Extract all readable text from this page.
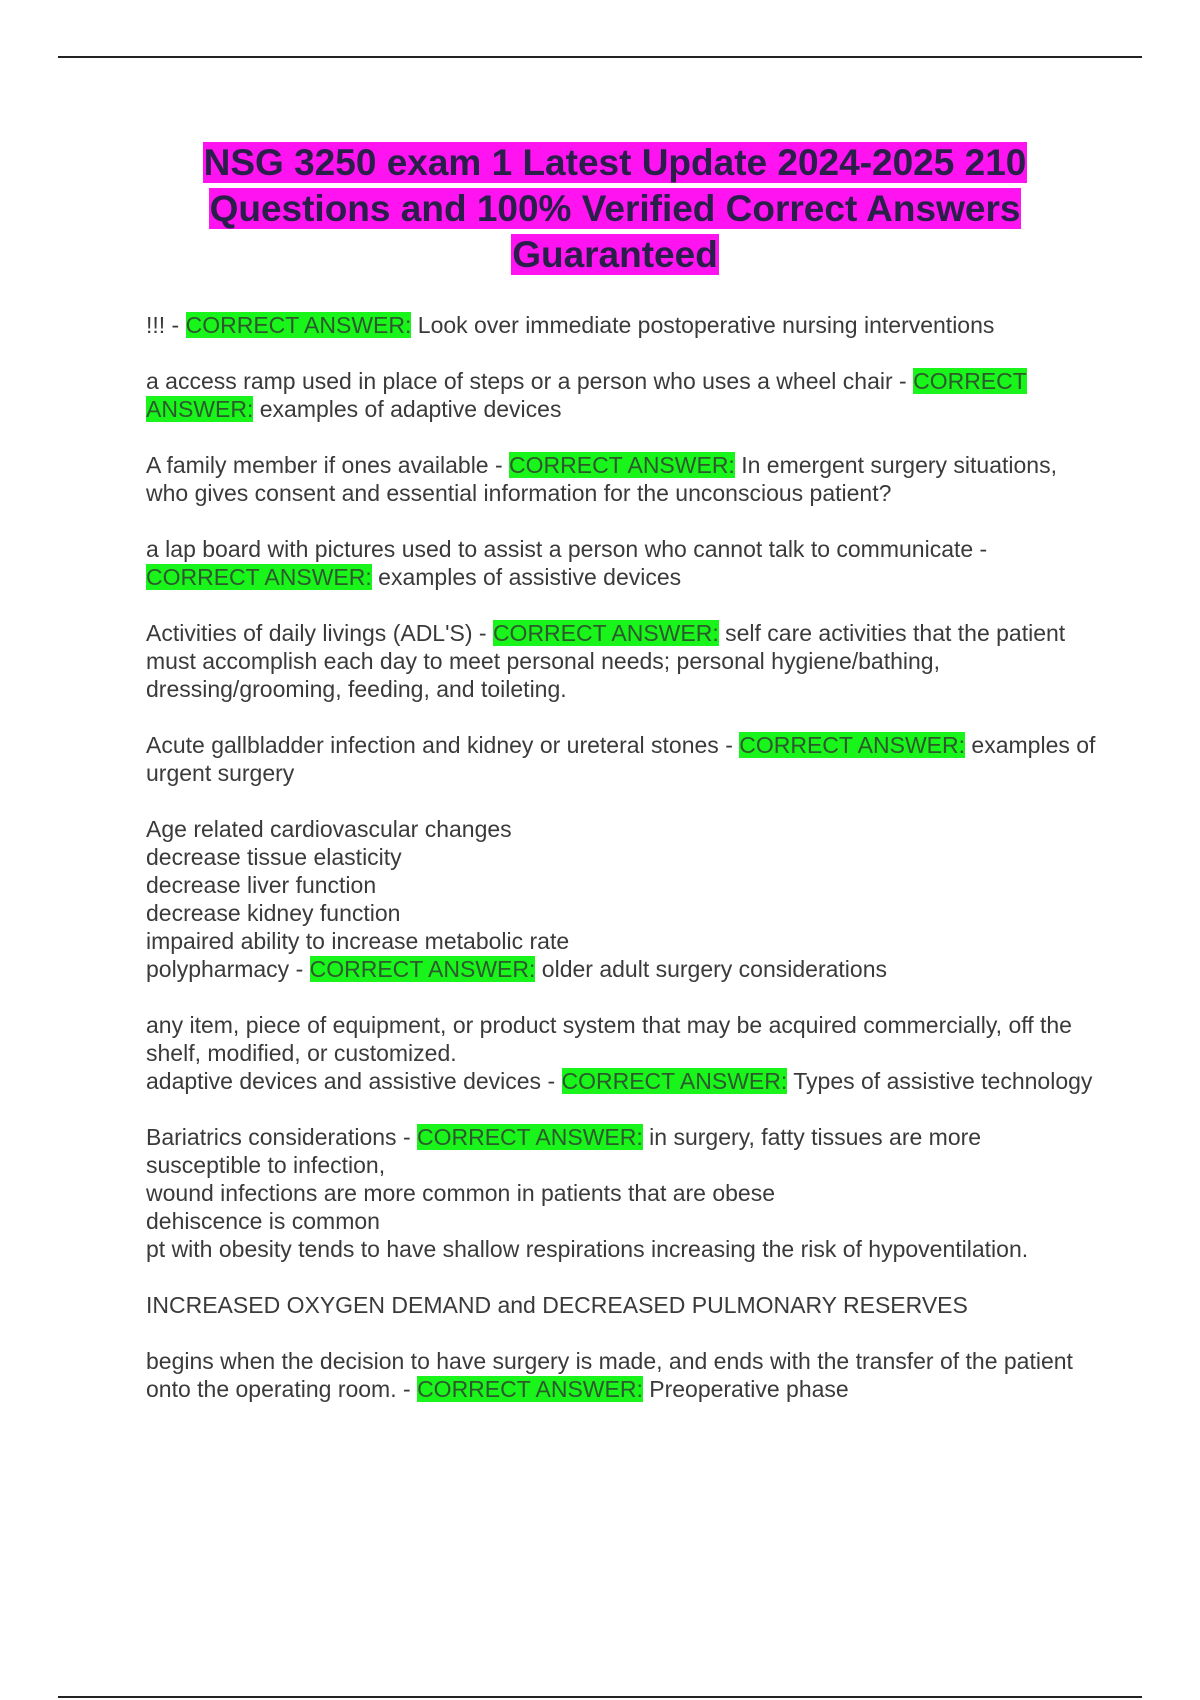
NSG 3250 exam 1 Latest Update 2024-2025 210 Questions and 100% Verified Correct Answers Guaranteed
!!! - CORRECT ANSWER: Look over immediate postoperative nursing interventions
a access ramp used in place of steps or a person who uses a wheel chair - CORRECT ANSWER: examples of adaptive devices
A family member if ones available - CORRECT ANSWER: In emergent surgery situations, who gives consent and essential information for the unconscious patient?
a lap board with pictures used to assist a person who cannot talk to communicate - CORRECT ANSWER: examples of assistive devices
Activities of daily livings (ADL'S) - CORRECT ANSWER: self care activities that the patient must accomplish each day to meet personal needs; personal hygiene/bathing, dressing/grooming, feeding, and toileting.
Acute gallbladder infection and kidney or ureteral stones - CORRECT ANSWER: examples of urgent surgery
Age related cardiovascular changes
decrease tissue elasticity
decrease liver function
decrease kidney function
impaired ability to increase metabolic rate
polypharmacy - CORRECT ANSWER: older adult surgery considerations
any item, piece of equipment, or product system that may be acquired commercially, off the shelf, modified, or customized.
adaptive devices and assistive devices - CORRECT ANSWER: Types of assistive technology
Bariatrics considerations - CORRECT ANSWER: in surgery, fatty tissues are more susceptible to infection,
wound infections are more common in patients that are obese
dehiscence is common
pt with obesity tends to have shallow respirations increasing the risk of hypoventilation.
INCREASED OXYGEN DEMAND and DECREASED PULMONARY RESERVES
begins when the decision to have surgery is made, and ends with the transfer of the patient onto the operating room. - CORRECT ANSWER: Preoperative phase
